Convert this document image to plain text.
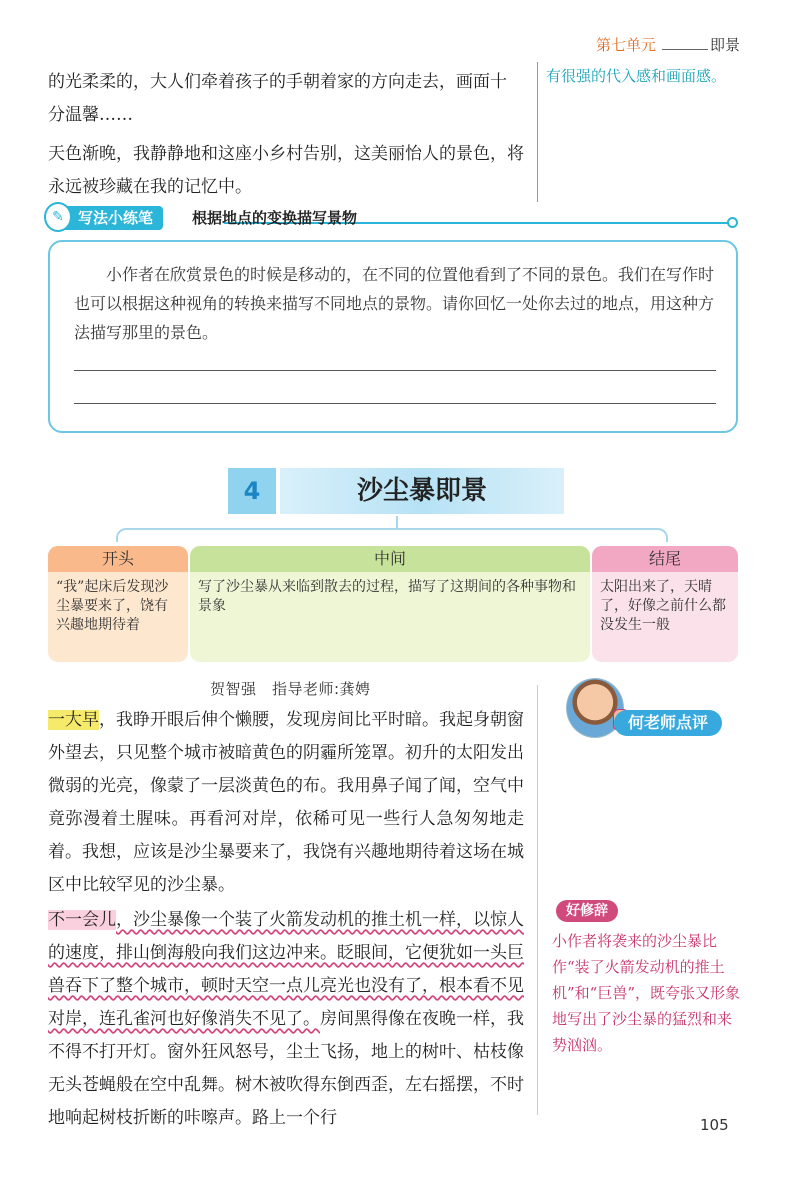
第七单元	即景

的光柔柔的，大人们牵着孩子的手朝着家的方向走去，画面十

分温馨……

天色渐晚，我静静地和这座小乡村告别，这美丽怡人的景色，将永远被珍藏在我的记忆中。

有很强的代入感和画面感。
写法小练笔
✎	根据地点的变换描写景物
小作者在欣赏景色的时候是移动的，在不同的位置他看到了不同的景色。我们在写作时也可以根据这种视角的转换来描写不同地点的景物。请你回忆一处你去过的地点，用这种方法描写那里的景色。
4	沙尘暴即景
开头
“我”起床后发现沙尘暴要来了，饶有兴趣地期待着
中间
写了沙尘暴从来临到散去的过程，描写了这期间的各种事物和景象
结尾
太阳出来了，天晴了，好像之前什么都没发生一般
贺智强　指导老师:龚娉
何老师点评

一大早，我睁开眼后伸个懒腰，发现房间比平时暗。我起身朝窗外望去，只见整个城市被暗黄色的阴霾所笼罩。初升的太阳发出微弱的光亮，像蒙了一层淡黄色的布。我用鼻子闻了闻，空气中竟弥漫着土腥味。再看河对岸，依稀可见一些行人急匆匆地走着。我想，应该是沙尘暴要来了，我饶有兴趣地期待着这场在城区中比较罕见的沙尘暴。

不一会儿，沙尘暴像一个装了火箭发动机的推土机一样，以惊人的速度，排山倒海般向我们这边冲来。眨眼间，它便犹如一头巨兽吞下了整个城市，顿时天空一点儿亮光也没有了，根本看不见对岸，连孔雀河也好像消失不见了。房间黑得像在夜晚一样，我不得不打开灯。窗外狂风怒号，尘土飞扬，地上的树叶、枯枝像无头苍蝇般在空中乱舞。树木被吹得东倒西歪，左右摇摆，不时地响起树枝折断的咔嚓声。路上一个行

好修辞
小作者将袭来的沙尘暴比作“装了火箭发动机的推土机”和“巨兽”，既夸张又形象地写出了沙尘暴的猛烈和来势汹汹。
105
